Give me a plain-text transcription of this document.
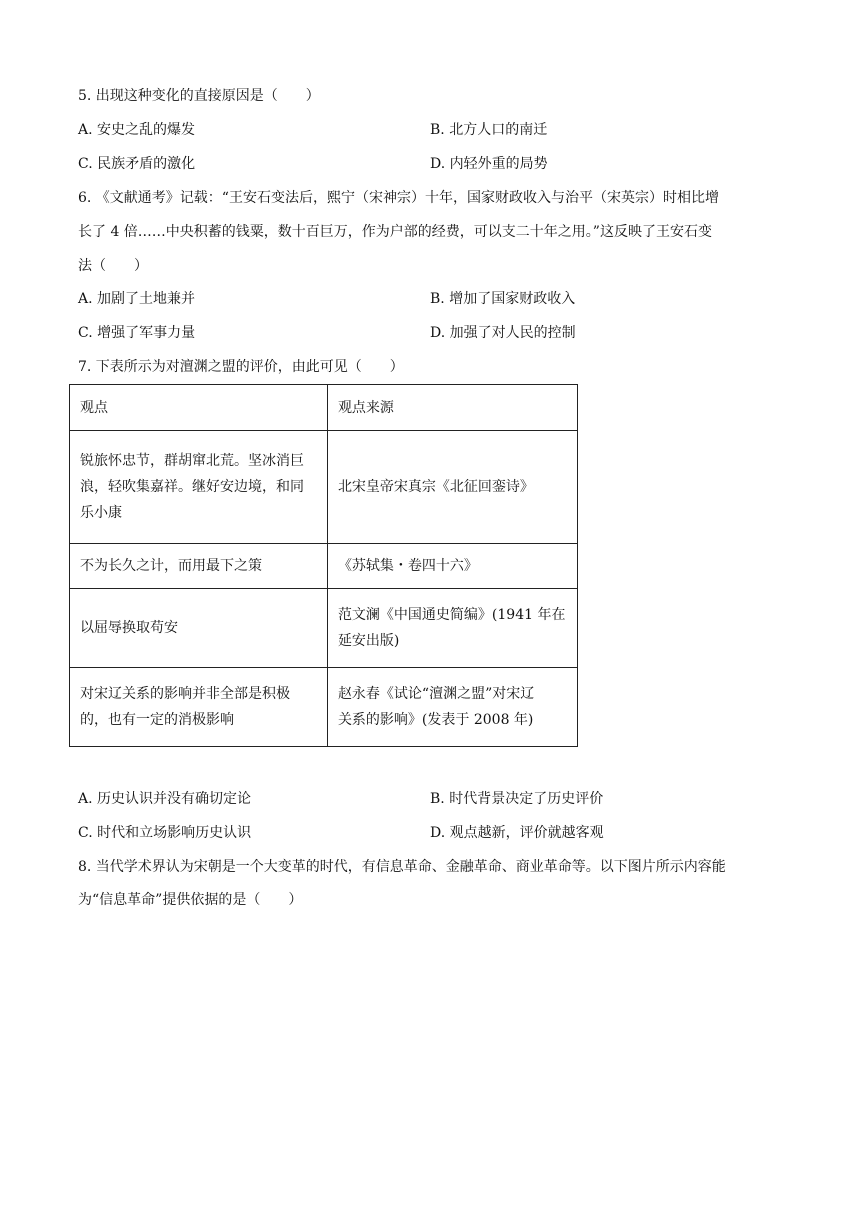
5. 出现这种变化的直接原因是（　　）
A. 安史之乱的爆发	B. 北方人口的南迁
C. 民族矛盾的激化	D. 内轻外重的局势
6. 《文献通考》记载：“王安石变法后，熙宁（宋神宗）十年，国家财政收入与治平（宋英宗）时相比增
长了 4 倍……中央积蓄的钱粟，数十百巨万，作为户部的经费，可以支二十年之用。”这反映了王安石变
法（　　）
A. 加剧了土地兼并	B. 增加了国家财政收入
C. 增强了军事力量	D. 加强了对人民的控制
7. 下表所示为对澶渊之盟的评价，由此可见（　　）
观点	观点来源
锐旅怀忠节，群胡窜北荒。坚冰消巨
浪，轻吹集嘉祥。继好安边境，和同
乐小康	北宋皇帝宋真宗《北征回銮诗》
不为长久之计，而用最下之策	《苏轼集・卷四十六》
以屈辱换取苟安	范文澜《中国通史简编》(1941 年在
延安出版)
对宋辽关系的影响并非全部是积极
的，也有一定的消极影响	赵永春《试论“澶渊之盟”对宋辽
关系的影响》(发表于 2008 年)
A. 历史认识并没有确切定论	B. 时代背景决定了历史评价
C. 时代和立场影响历史认识	D. 观点越新，评价就越客观
8. 当代学术界认为宋朝是一个大变革的时代，有信息革命、金融革命、商业革命等。以下图片所示内容能
为“信息革命”提供依据的是（　　）
